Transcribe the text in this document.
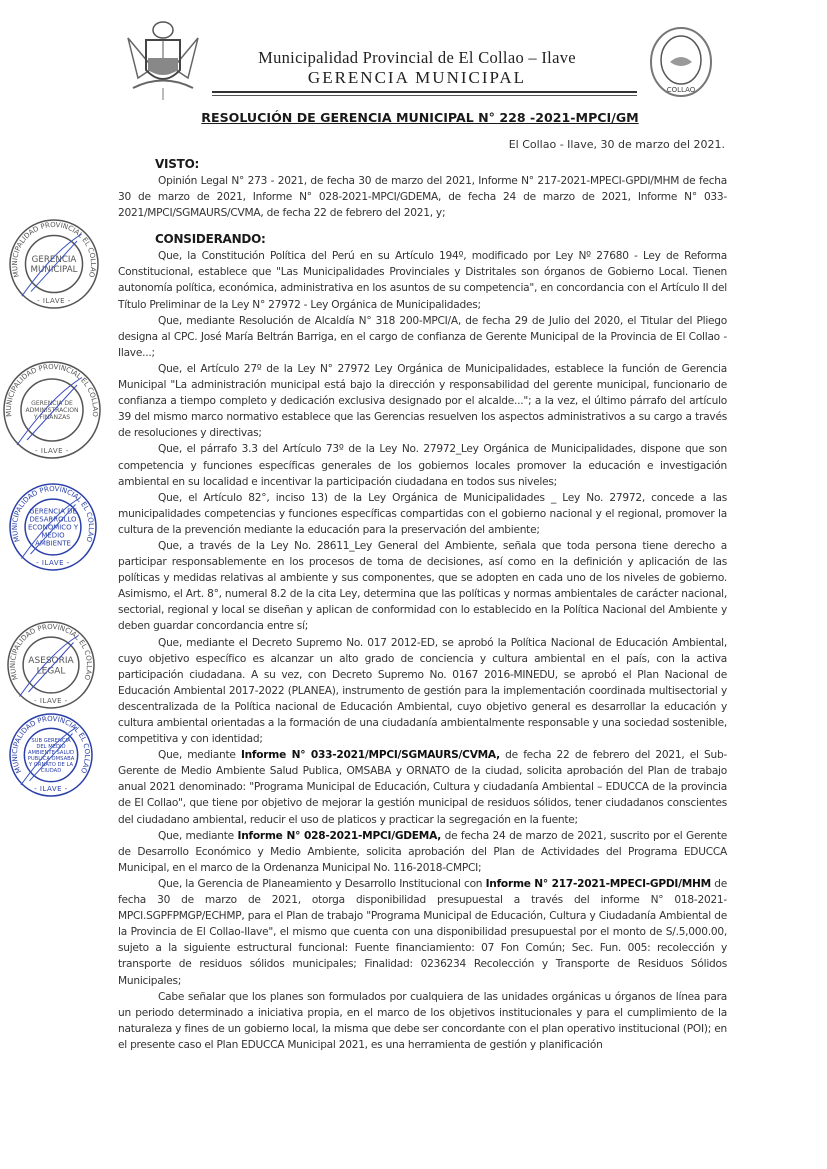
Municipalidad Provincial de El Collao – Ilave
GERENCIA MUNICIPAL
COLLAO
RESOLUCIÓN DE GERENCIA MUNICIPAL N° 228 -2021-MPCI/GM
El Collao - Ilave, 30 de marzo del 2021.
VISTO:

Opinión Legal N° 273 - 2021, de fecha 30 de marzo del 2021, Informe N° 217-2021-MPECI-GPDI/MHM de fecha 30 de marzo de 2021, Informe N° 028-2021-MPCI/GDEMA, de fecha 24 de marzo de 2021, Informe N° 033-2021/MPCI/SGMAURS/CVMA, de fecha 22 de febrero del 2021, y;

CONSIDERANDO:

Que, la Constitución Política del Perú en su Artículo 194º, modificado por Ley Nº 27680 - Ley de Reforma Constitucional, establece que "Las Municipalidades Provinciales y Distritales son órganos de Gobierno Local. Tienen autonomía política, económica, administrativa en los asuntos de su competencia", en concordancia con el Artículo II del Título Preliminar de la Ley N° 27972 - Ley Orgánica de Municipalidades;

Que, mediante Resolución de Alcaldía N° 318 200-MPCI/A, de fecha 29 de Julio del 2020, el Titular del Pliego designa al CPC. José María Beltrán Barriga, en el cargo de confianza de Gerente Municipal de la Provincia de El Collao - Ilave...;

Que, el Artículo 27º de la Ley N° 27972 Ley Orgánica de Municipalidades, establece la función de Gerencia Municipal "La administración municipal está bajo la dirección y responsabilidad del gerente municipal, funcionario de confianza a tiempo completo y dedicación exclusiva designado por el alcalde..."; a la vez, el último párrafo del artículo 39 del mismo marco normativo establece que las Gerencias resuelven los aspectos administrativos a su cargo a través de resoluciones y directivas;

Que, el párrafo 3.3 del Artículo 73º de la Ley No. 27972_Ley Orgánica de Municipalidades, dispone que son competencia y funciones específicas generales de los gobiernos locales promover la educación e investigación ambiental en su localidad e incentivar la participación ciudadana en todos sus niveles;

Que, el Artículo 82°, inciso 13) de la Ley Orgánica de Municipalidades _ Ley No. 27972, concede a las municipalidades competencias y funciones específicas compartidas con el gobierno nacional y el regional, promover la cultura de la prevención mediante la educación para la preservación del ambiente;

Que, a través de la Ley No. 28611_Ley General del Ambiente, señala que toda persona tiene derecho a participar responsablemente en los procesos de toma de decisiones, así como en la definición y aplicación de las políticas y medidas relativas al ambiente y sus componentes, que se adopten en cada uno de los niveles de gobierno. Asimismo, el Art. 8°, numeral 8.2 de la cita Ley, determina que las políticas y normas ambientales de carácter nacional, sectorial, regional y local se diseñan y aplican de conformidad con lo establecido en la Política Nacional del Ambiente y deben guardar concordancia entre sí;

Que, mediante el Decreto Supremo No. 017 2012-ED, se aprobó la Política Nacional de Educación Ambiental, cuyo objetivo específico es alcanzar un alto grado de conciencia y cultura ambiental en el país, con la activa participación ciudadana. A su vez, con Decreto Supremo No. 0167 2016-MINEDU, se aprobó el Plan Nacional de Educación Ambiental 2017-2022 (PLANEA), instrumento de gestión para la implementación coordinada multisectorial y descentralizada de la Política nacional de Educación Ambiental, cuyo objetivo general es desarrollar la educación y cultura ambiental orientadas a la formación de una ciudadanía ambientalmente responsable y una sociedad sostenible, competitiva y con identidad;

Que, mediante Informe N° 033-2021/MPCI/SGMAURS/CVMA, de fecha 22 de febrero del 2021, el Sub-Gerente de Medio Ambiente Salud Publica, OMSABA y ORNATO de la ciudad, solicita aprobación del Plan de trabajo anual 2021 denominado: "Programa Municipal de Educación, Cultura y ciudadanía Ambiental – EDUCCA de la provincia de El Collao", que tiene por objetivo de mejorar la gestión municipal de residuos sólidos, tener ciudadanos conscientes del ciudadano ambiental, reducir el uso de platicos y practicar la segregación en la fuente;

Que, mediante Informe N° 028-2021-MPCI/GDEMA, de fecha 24 de marzo de 2021, suscrito por el Gerente de Desarrollo Económico y Medio Ambiente, solicita aprobación del Plan de Actividades del Programa EDUCCA Municipal, en el marco de la Ordenanza Municipal No. 116-2018-CMPCI;

Que, la Gerencia de Planeamiento y Desarrollo Institucional con Informe N° 217-2021-MPECI-GPDI/MHM de fecha 30 de marzo de 2021, otorga disponibilidad presupuestal a través del informe N° 018-2021-MPCI.SGPFPMGP/ECHMP, para el Plan de trabajo "Programa Municipal de Educación, Cultura y Ciudadanía Ambiental de la Provincia de El Collao-Ilave", el mismo que cuenta con una disponibilidad presupuestal por el monto de S/.5,000.00, sujeto a la siguiente estructural funcional: Fuente financiamiento: 07 Fon Común; Sec. Fun. 005: recolección y transporte de residuos sólidos municipales; Finalidad: 0236234 Recolección y Transporte de Residuos Sólidos Municipales;

Cabe señalar que los planes son formulados por cualquiera de las unidades orgánicas u órganos de línea para un periodo determinado a iniciativa propia, en el marco de los objetivos institucionales y para el cumplimiento de la naturaleza y fines de un gobierno local, la misma que debe ser concordante con el plan operativo institucional (POI); en el presente caso el Plan EDUCCA Municipal 2021, es una herramienta de gestión y planificación

MUNICIPALIDAD PROVINCIAL EL COLLAO
- ILAVE -
GERENCIA
MUNICIPAL
MUNICIPALIDAD PROVINCIAL EL COLLAO
- ILAVE -
GERENCIA DE
ADMINISTRACION
Y FINANZAS
MUNICIPALIDAD PROVINCIAL EL COLLAO
- ILAVE -
GERENCIA DE
DESARROLLO
ECONOMICO Y
MEDIO
AMBIENTE
MUNICIPALIDAD PROVINCIAL EL COLLAO
- ILAVE -
ASESORIA
LEGAL
MUNICIPALIDAD PROVINCIAL EL COLLAO
- ILAVE -
SUB GERENCIA
DEL MEDIO
AMBIENTE SALUD
PUBLICA OMSABA
Y ORNATO DE LA
CIUDAD
